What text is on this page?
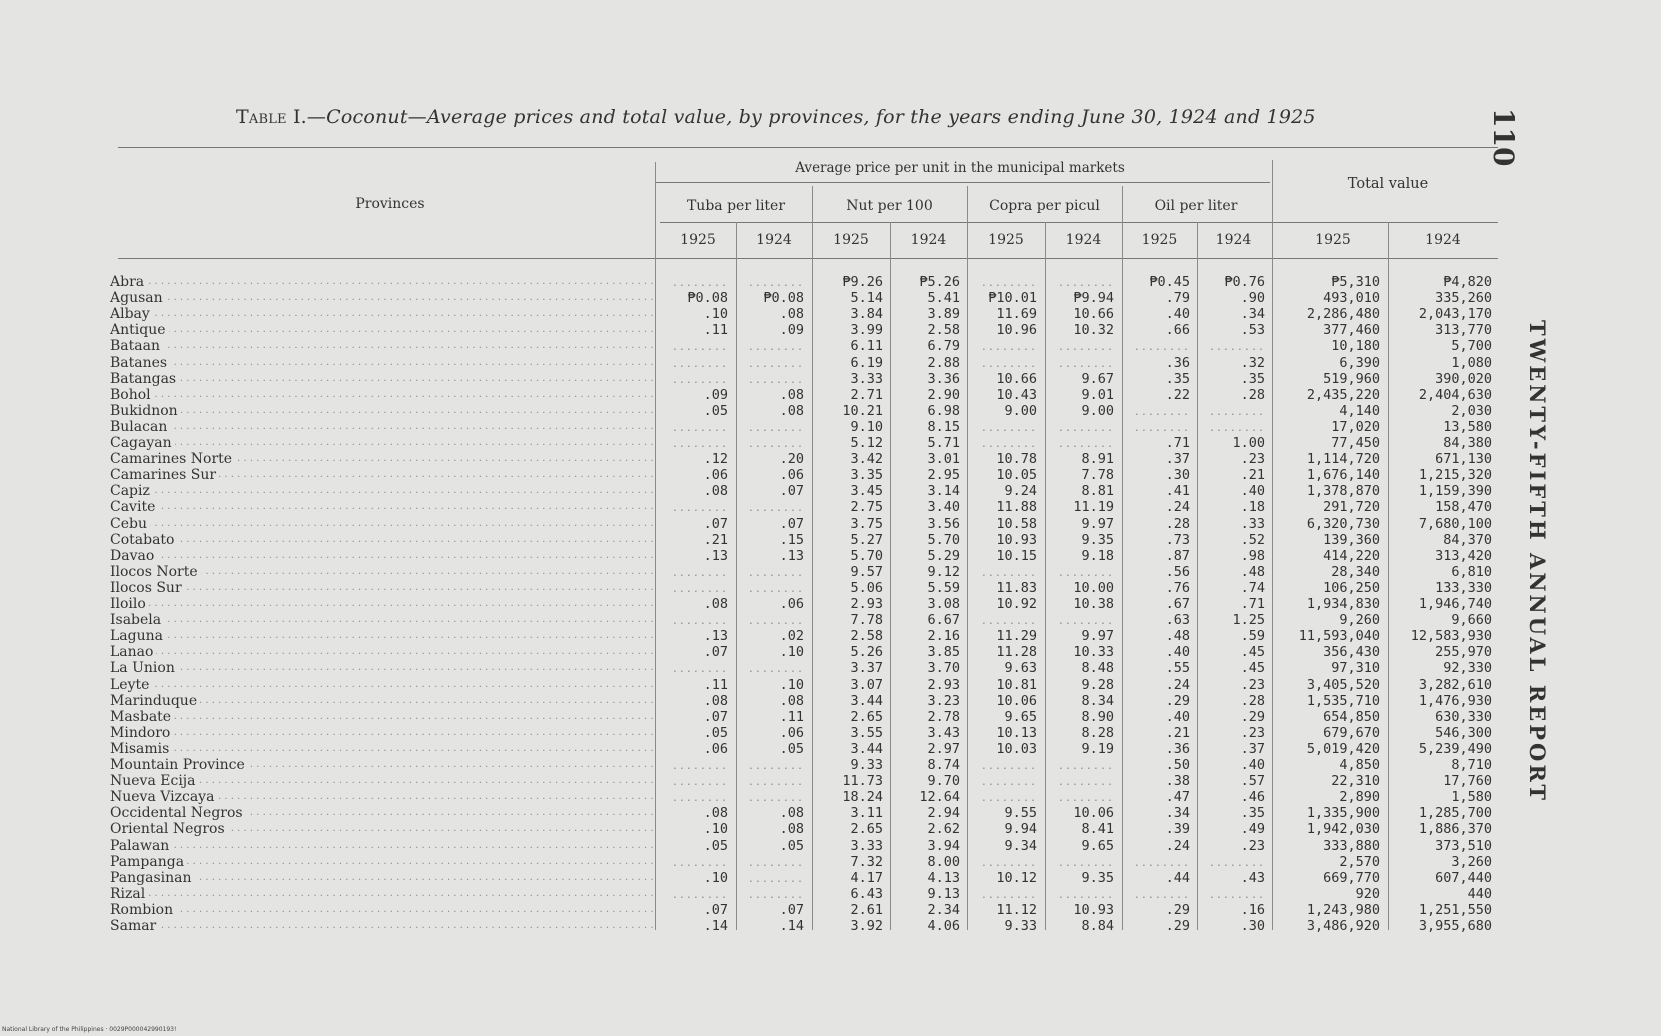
Table I.—Coconut—Average prices and total value, by provinces, for the years ending June 30, 1924 and 1925	110
TWENTY-FIFTH ANNUAL REPORT
Provinces
Average price per unit in the municipal markets
Total value
Tuba per liter	Nut per 100	Copra per picul	Oil per liter
1925	1924	1925	1924	1925	1924	1925	1924	1925	1924
Abra . . .	........	........	₱9.26	₱5.26	........	........	₱0.45	₱0.76	₱5,310	₱4,820
Agusan . . .	₱0.08	₱0.08	5.14	5.41	₱10.01	₱9.94	.79	.90	493,010	335,260
Albay . . .	.10	.08	3.84	3.89	11.69	10.66	.40	.34	2,286,480	2,043,170
Antique . . .	.11	.09	3.99	2.58	10.96	10.32	.66	.53	377,460	313,770
Bataan . . .	........	........	6.11	6.79	........	........	........	........	10,180	5,700
Batanes . . .	........	........	6.19	2.88	........	........	.36	.32	6,390	1,080
Batangas . . .	........	........	3.33	3.36	10.66	9.67	.35	.35	519,960	390,020
Bohol . . .	.09	.08	2.71	2.90	10.43	9.01	.22	.28	2,435,220	2,404,630
Bukidnon . . .	.05	.08	10.21	6.98	9.00	9.00	........	........	4,140	2,030
Bulacan . . .	........	........	9.10	8.15	........	........	........	........	17,020	13,580
Cagayan . . .	........	........	5.12	5.71	........	........	.71	1.00	77,450	84,380
Camarines Norte . . .	.12	.20	3.42	3.01	10.78	8.91	.37	.23	1,114,720	671,130
Camarines Sur . . .	.06	.06	3.35	2.95	10.05	7.78	.30	.21	1,676,140	1,215,320
Capiz . . .	.08	.07	3.45	3.14	9.24	8.81	.41	.40	1,378,870	1,159,390
Cavite . . .	........	........	2.75	3.40	11.88	11.19	.24	.18	291,720	158,470
Cebu . . .	.07	.07	3.75	3.56	10.58	9.97	.28	.33	6,320,730	7,680,100
Cotabato . . .	.21	.15	5.27	5.70	10.93	9.35	.73	.52	139,360	84,370
Davao . . .	.13	.13	5.70	5.29	10.15	9.18	.87	.98	414,220	313,420
Ilocos Norte . . .	........	........	9.57	9.12	........	........	.56	.48	28,340	6,810
Ilocos Sur . . .	........	........	5.06	5.59	11.83	10.00	.76	.74	106,250	133,330
Iloilo . . .	.08	.06	2.93	3.08	10.92	10.38	.67	.71	1,934,830	1,946,740
Isabela . . .	........	........	7.78	6.67	........	........	.63	1.25	9,260	9,660
Laguna . . .	.13	.02	2.58	2.16	11.29	9.97	.48	.59	11,593,040	12,583,930
Lanao . . .	.07	.10	5.26	3.85	11.28	10.33	.40	.45	356,430	255,970
La Union . . .	........	........	3.37	3.70	9.63	8.48	.55	.45	97,310	92,330
Leyte . . .	.11	.10	3.07	2.93	10.81	9.28	.24	.23	3,405,520	3,282,610
Marinduque . . .	.08	.08	3.44	3.23	10.06	8.34	.29	.28	1,535,710	1,476,930
Masbate . . .	.07	.11	2.65	2.78	9.65	8.90	.40	.29	654,850	630,330
Mindoro . . .	.05	.06	3.55	3.43	10.13	8.28	.21	.23	679,670	546,300
Misamis . . .	.06	.05	3.44	2.97	10.03	9.19	.36	.37	5,019,420	5,239,490
Mountain Province . . .	........	........	9.33	8.74	........	........	.50	.40	4,850	8,710
Nueva Ecija . . .	........	........	11.73	9.70	........	........	.38	.57	22,310	17,760
Nueva Vizcaya . . .	........	........	18.24	12.64	........	........	.47	.46	2,890	1,580
Occidental Negros . . .	.08	.08	3.11	2.94	9.55	10.06	.34	.35	1,335,900	1,285,700
Oriental Negros . . .	.10	.08	2.65	2.62	9.94	8.41	.39	.49	1,942,030	1,886,370
Palawan . . .	.05	.05	3.33	3.94	9.34	9.65	.24	.23	333,880	373,510
Pampanga . . .	........	........	7.32	8.00	........	........	........	........	2,570	3,260
Pangasinan . . .	.10	........	4.17	4.13	10.12	9.35	.44	.43	669,770	607,440
Rizal . . .	........	........	6.43	9.13	........	........	........	........	920	440
Rombion . . .	.07	.07	2.61	2.34	11.12	10.93	.29	.16	1,243,980	1,251,550
Samar . . .	.14	.14	3.92	4.06	9.33	8.84	.29	.30	3,486,920	3,955,680
National Library of the Philippines · 0029P000042990193!
